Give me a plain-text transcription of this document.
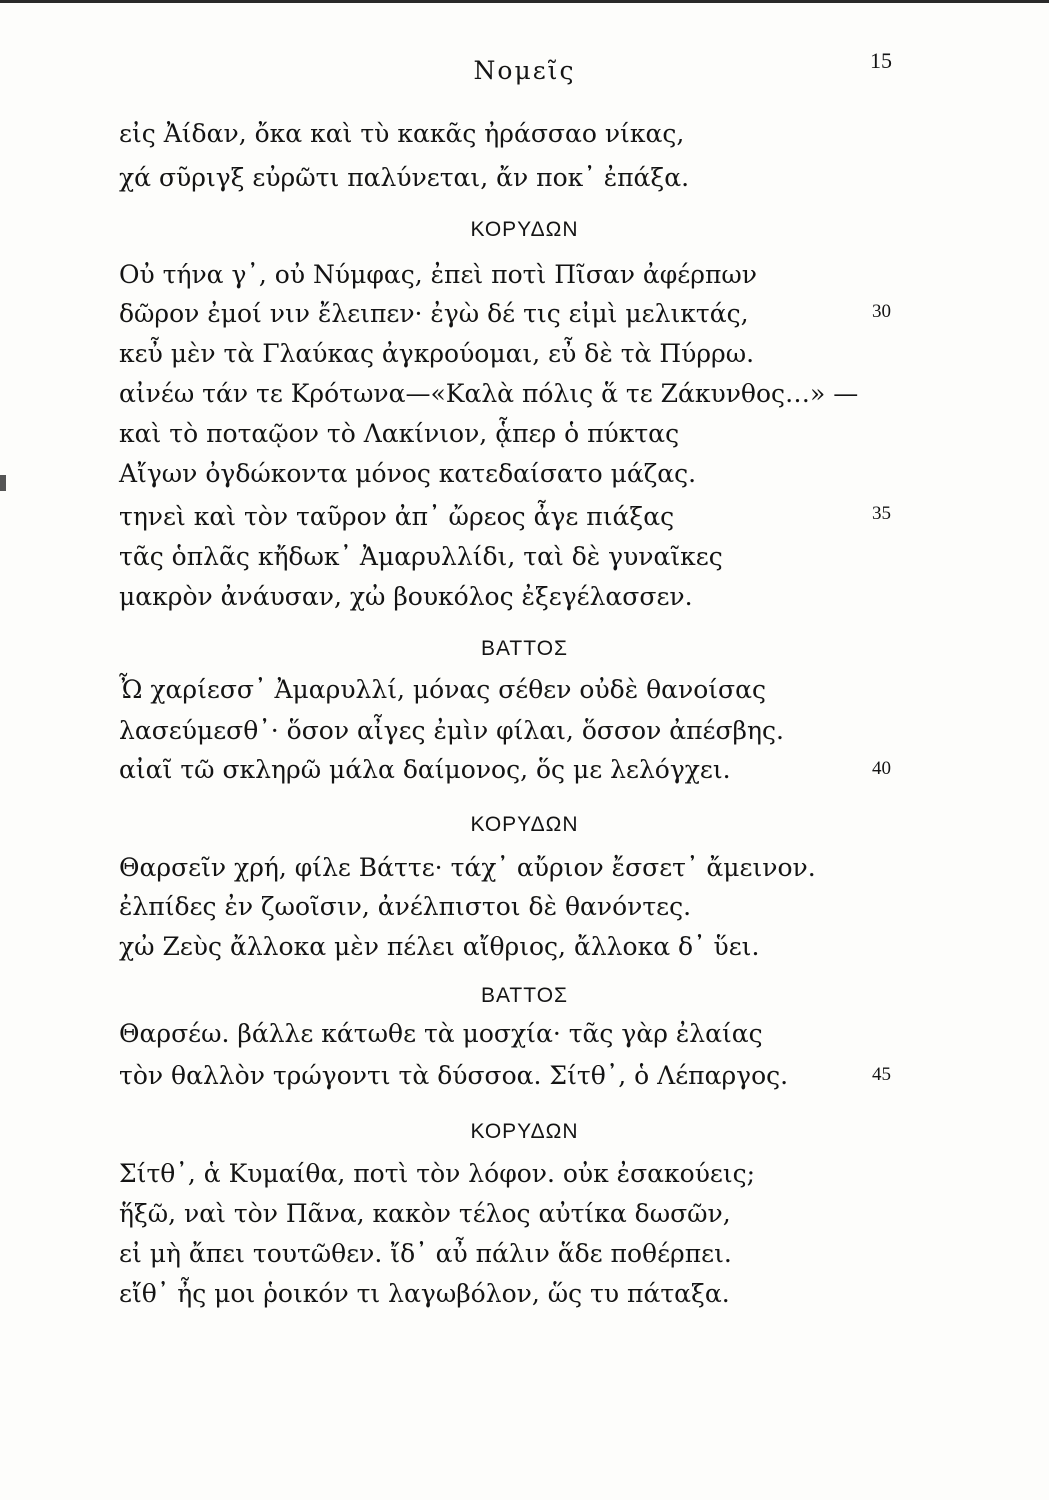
Νομεῖς	15
εἰς Ἀίδαν, ὄκα καὶ τὺ κακᾶς ἠράσσαο νίκας,
χά σῦριγξ εὐρῶτι παλύνεται, ἄν ποκ᾽ ἐπάξα.
ΚΟΡΥΔΩΝ
Οὐ τήνα γ᾽, οὐ Νύμφας, ἐπεὶ ποτὶ Πῖσαν ἀφέρπων
δῶρον ἐμοί νιν ἔλειπεν· ἐγὼ δέ τις εἰμὶ μελικτάς,	30
κεὖ μὲν τὰ Γλαύκας ἀγκρούομαι, εὖ δὲ τὰ Πύρρω.
αἰνέω τάν τε Κρότωνα—«Καλὰ πόλις ἅ τε Ζάκυνθος…» —
καὶ τὸ ποταῷον τὸ Λακίνιον, ᾇπερ ὁ πύκτας
Αἴγων ὀγδώκοντα μόνος κατεδαίσατο μάζας.
τηνεὶ καὶ τὸν ταῦρον ἀπ᾽ ὤρεος ἆγε πιάξας	35
τᾶς ὁπλᾶς κἤδωκ᾽ Ἀμαρυλλίδι, ταὶ δὲ γυναῖκες
μακρὸν ἀνάυσαν, χὠ βουκόλος ἐξεγέλασσεν.
ΒΑΤΤΟΣ
Ὦ χαρίεσσ᾽ Ἀμαρυλλί, μόνας σέθεν οὐδὲ θανοίσας
λασεύμεσθ᾽· ὅσον αἶγες ἐμὶν φίλαι, ὅσσον ἀπέσβης.
αἰαῖ τῶ σκληρῶ μάλα δαίμονος, ὅς με λελόγχει.	40
ΚΟΡΥΔΩΝ
Θαρσεῖν χρή, φίλε Βάττε· τάχ᾽ αὔριον ἔσσετ᾽ ἄμεινον.
ἐλπίδες ἐν ζωοῖσιν, ἀνέλπιστοι δὲ θανόντες.
χὠ Ζεὺς ἄλλοκα μὲν πέλει αἴθριος, ἄλλοκα δ᾽ ὕει.
ΒΑΤΤΟΣ
Θαρσέω. βάλλε κάτωθε τὰ μοσχία· τᾶς γὰρ ἐλαίας
τὸν θαλλὸν τρώγοντι τὰ δύσσοα. Σίτθ᾽, ὁ Λέπαργος.	45
ΚΟΡΥΔΩΝ
Σίτθ᾽, ἁ Κυμαίθα, ποτὶ τὸν λόφον. οὐκ ἐσακούεις;
ἥξῶ, ναὶ τὸν Πᾶνα, κακὸν τέλος αὐτίκα δωσῶν,
εἰ μὴ ἄπει τουτῶθεν. ἴδ᾽ αὖ πάλιν ἅδε ποθέρπει.
εἴθ᾽ ἦς μοι ῥοικόν τι λαγωβόλον, ὥς τυ πάταξα.
